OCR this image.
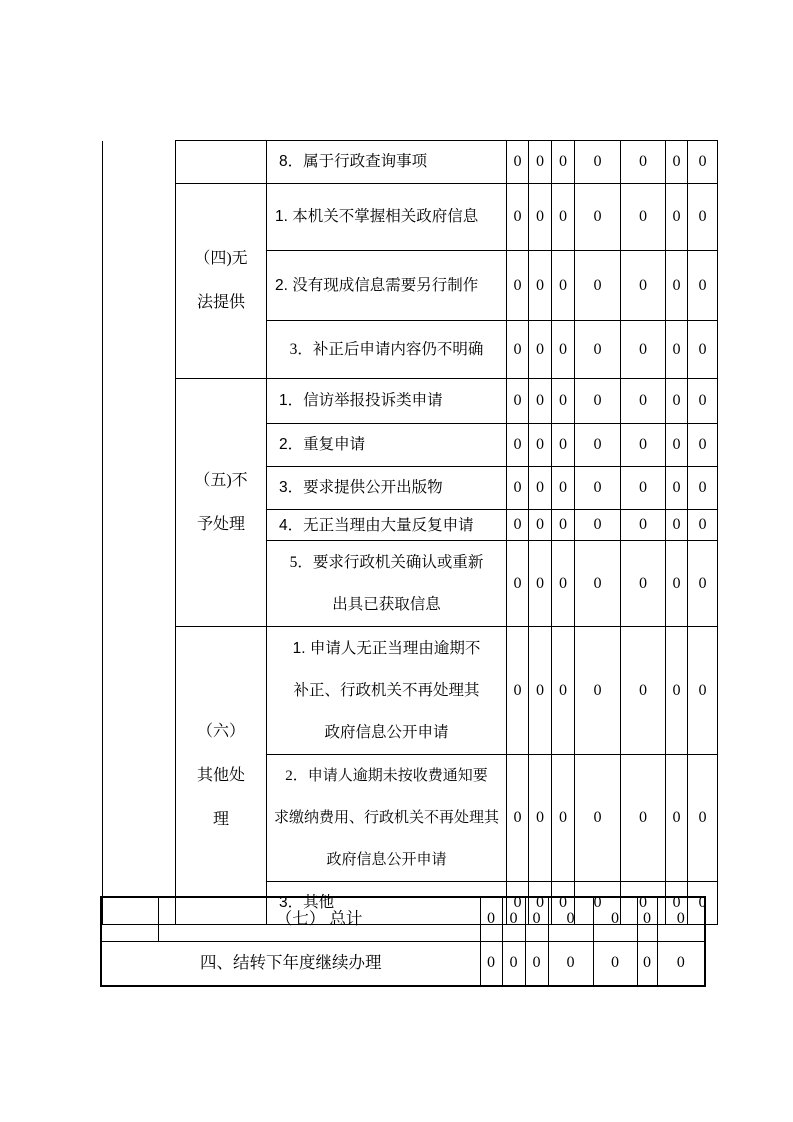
		8．属于行政查询事项	0	0	0	0	0	0	0

	（四)无
法提供	1. 本机关不掌握相关政府信息	0	0	0	0	0	0	0

		2. 没有现成信息需要另行制作	0	0	0	0	0	0	0

		3．补正后申请内容仍不明确	0	0	0	0	0	0	0

	（五)不
予处理	1．信访举报投诉类申请	0	0	0	0	0	0	0

		2．重复申请	0	0	0	0	0	0	0

		3．要求提供公开出版物	0	0	0	0	0	0	0

		4．无正当理由大量反复申请	0	0	0	0	0	0	0

		5．要求行政机关确认或重新
出具已获取信息	0	0	0	0	0	0	0

	（六）
其他处
理	1. 申请人无正当理由逾期不
补正、行政机关不再处理其
政府信息公开申请	0	0	0	0	0	0	0

		2．申请人逾期未按收费通知要
求缴纳费用、行政机关不再处理其
政府信息公开申请	0	0	0	0	0	0	0

		3．其他	0	0	0	0	0	0	0
	（七） 总计	0	0	0	0	0	0	0
四、结转下年度继续办理		0	0	0	0	0	0	0
